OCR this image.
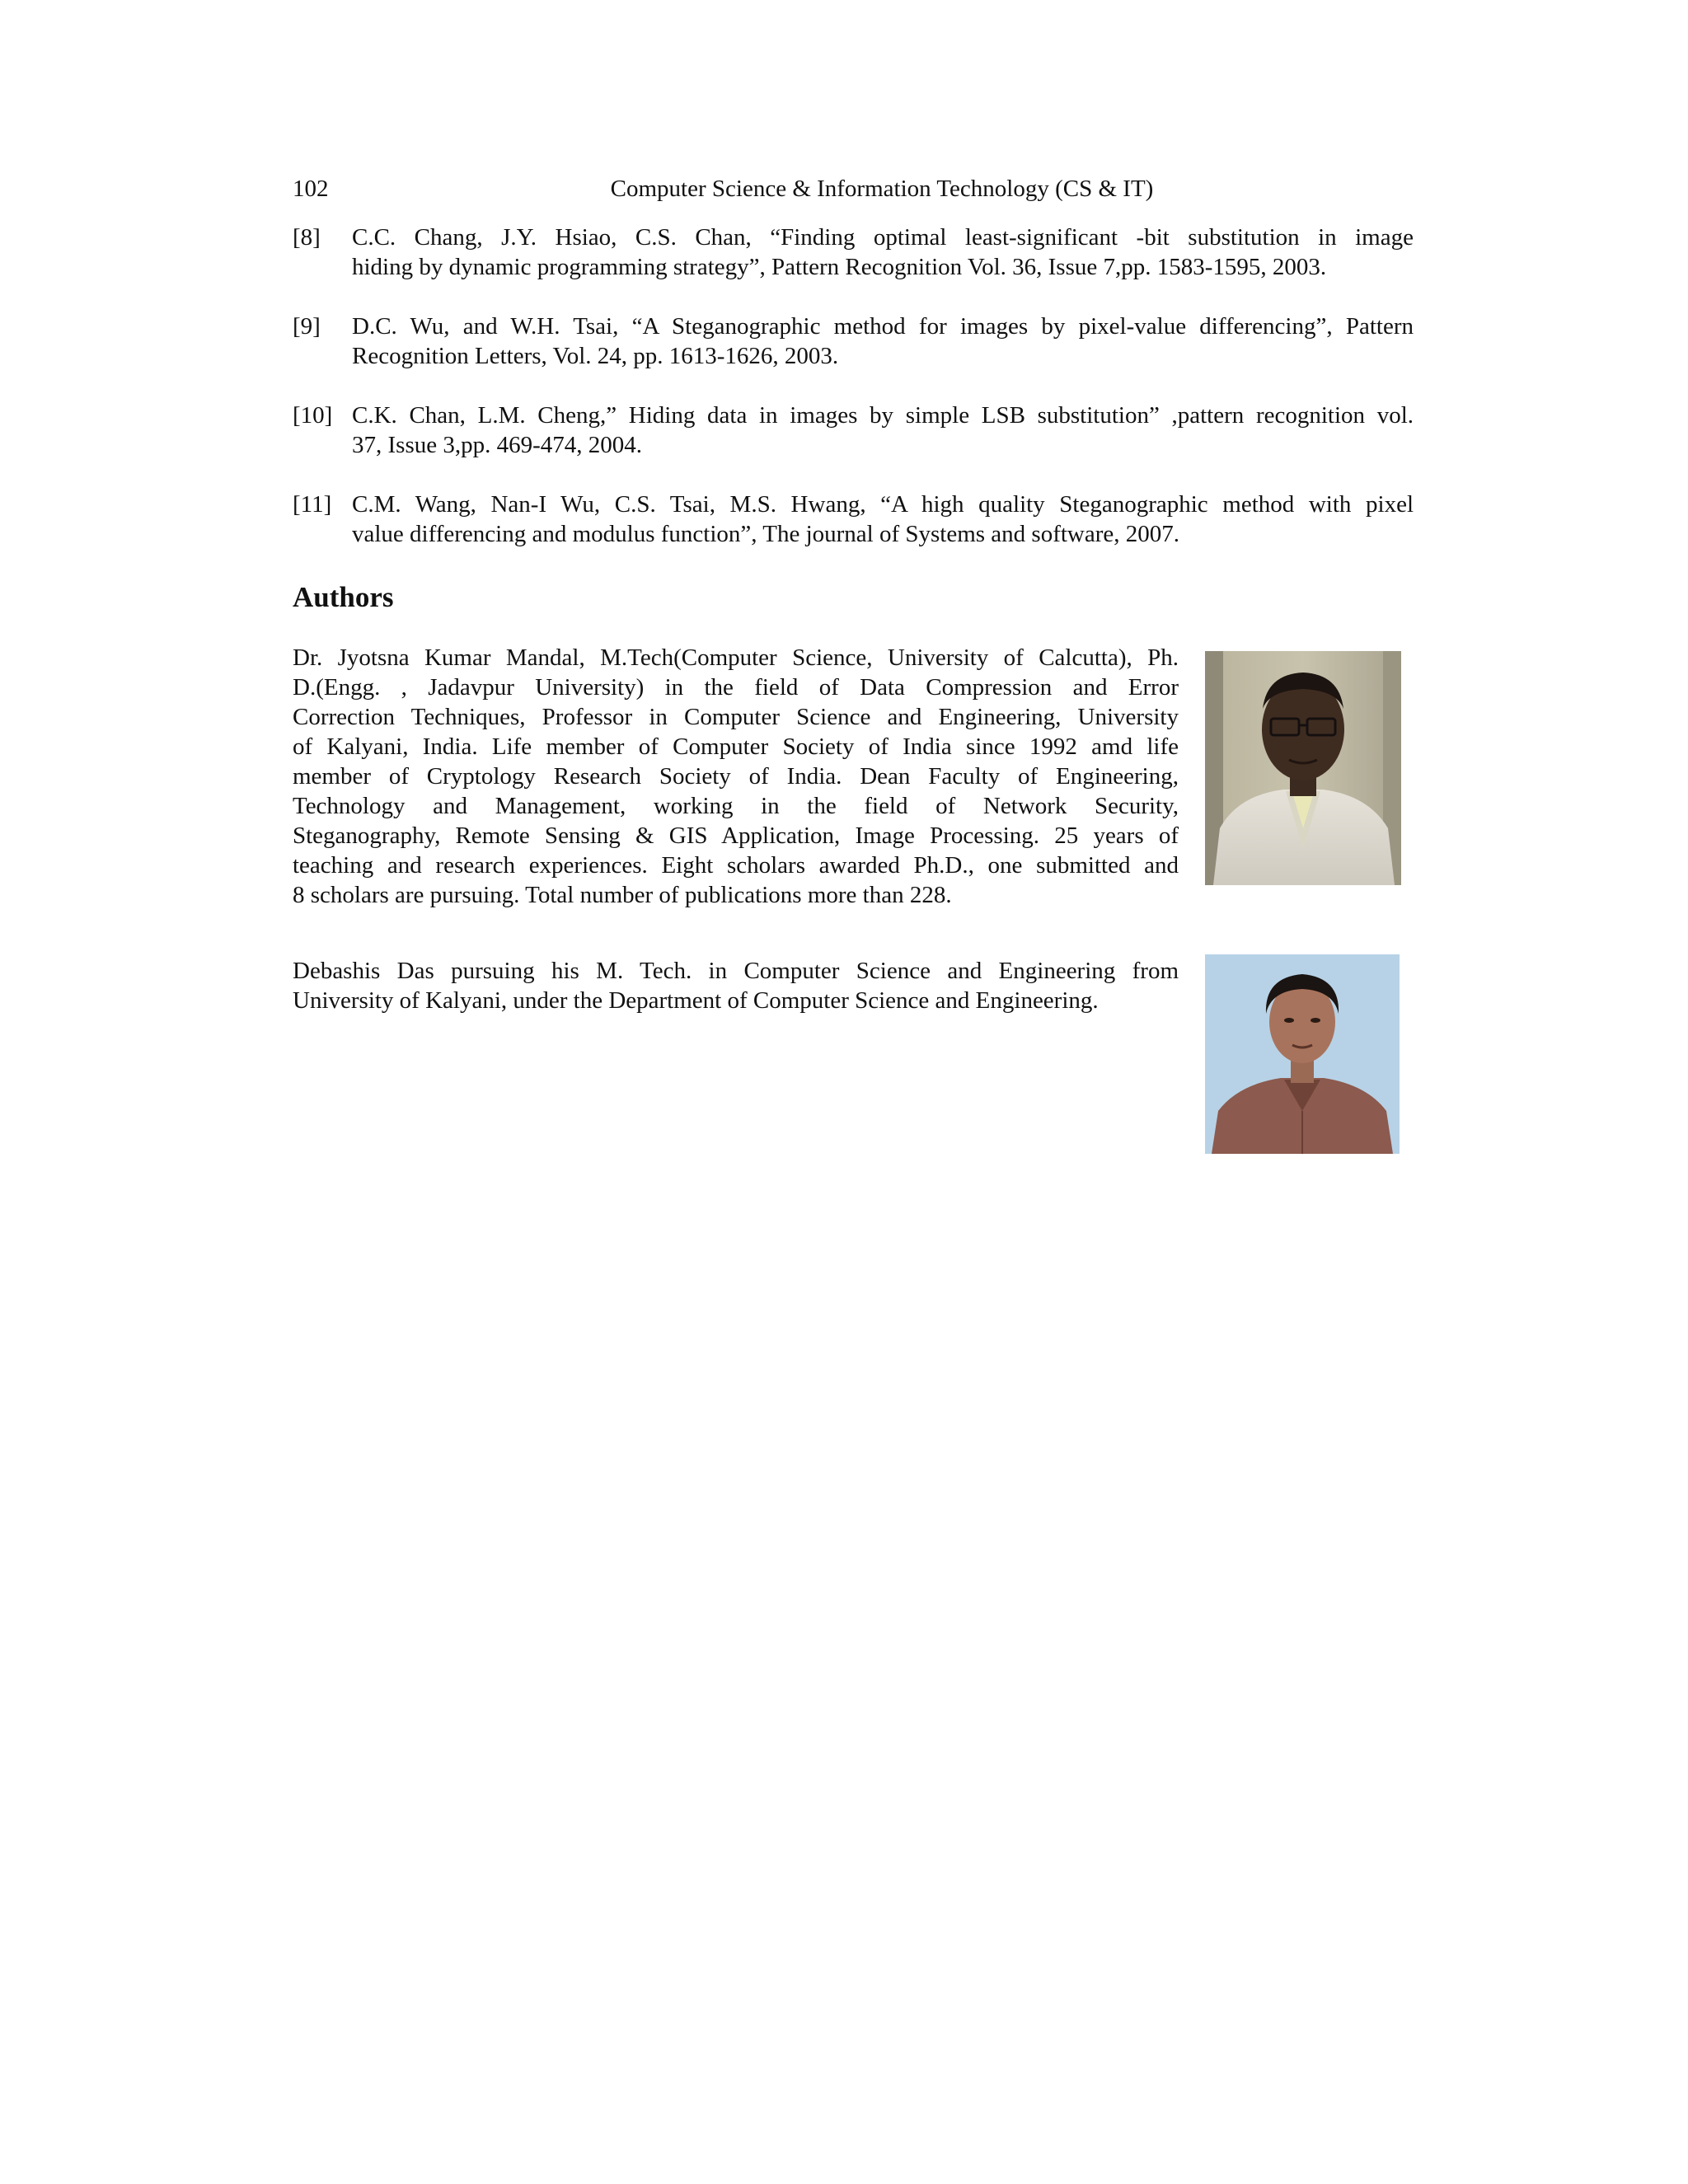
102	Computer Science & Information Technology (CS & IT)
[8]	C.C. Chang, J.Y. Hsiao, C.S. Chan, “Finding optimal least-significant -bit substitution in image
hiding by dynamic programming strategy”, Pattern Recognition Vol. 36, Issue 7,pp. 1583-1595, 2003.
[9]	D.C. Wu, and W.H. Tsai, “A Steganographic method for images by pixel-value differencing”, Pattern
Recognition Letters, Vol. 24, pp. 1613-1626, 2003.
[10] C.K. Chan, L.M. Cheng,” Hiding data in images by simple LSB substitution” ,pattern recognition vol.
37, Issue 3,pp. 469-474, 2004.
[11] C.M. Wang, Nan-I Wu, C.S. Tsai, M.S. Hwang, “A high quality Steganographic method with pixel
value differencing and modulus function”, The journal of Systems and software, 2007.
Authors
Dr. Jyotsna Kumar Mandal, M.Tech(Computer Science, University of Calcutta), Ph.
D.(Engg. , Jadavpur University) in the field of Data Compression and Error
Correction Techniques, Professor in Computer Science and Engineering, University
of Kalyani, India. Life member of Computer Society of India since 1992 amd life
member of Cryptology Research Society of India. Dean Faculty of Engineering,
Technology and Management, working in the field of Network Security,
Steganography, Remote Sensing & GIS Application, Image Processing. 25 years of
teaching and research experiences. Eight scholars awarded Ph.D., one submitted and
8 scholars are pursuing. Total number of publications more than 228.
Debashis Das pursuing his M. Tech. in Computer Science and Engineering from
University of Kalyani, under the Department of Computer Science and Engineering.
